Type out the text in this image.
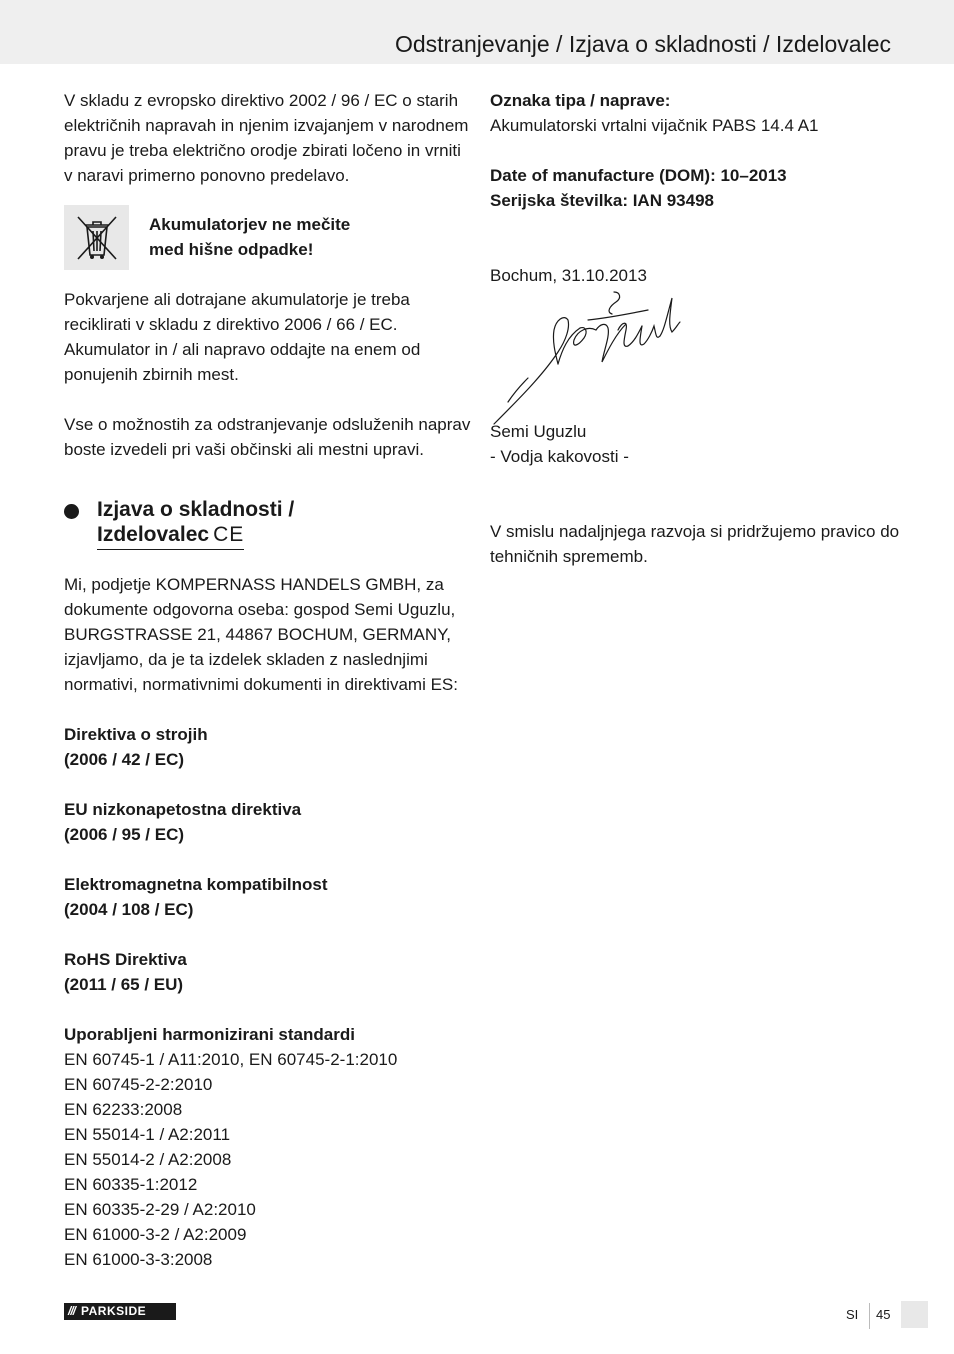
Odstranjevanje / Izjava o skladnosti / Izdelovalec

V skladu z evropsko direktivo 2002 / 96 / EC o starih električnih napravah in njenim izvajanjem v narodnem pravu je treba električno orodje zbirati ločeno in vrniti v naravi primerno ponovno predelavo.

Akumulatorjev ne mečite
med hišne odpadke!

Pokvarjene ali dotrajane akumulatorje je treba reciklirati v skladu z direktivo 2006 / 66 / EC. Akumulator in / ali napravo oddajte na enem od ponujenih zbirnih mest.

Vse o možnostih za odstranjevanje odsluženih naprav boste izvedeli pri vaši občinski ali mestni upravi.

Izjava o skladnosti /
Izdelovalec CE

Mi, podjetje KOMPERNASS HANDELS GMBH, za dokumente odgovorna oseba: gospod Semi Uguzlu, BURGSTRASSE 21, 44867 BOCHUM, GERMANY, izjavljamo, da je ta izdelek skladen z naslednjimi normativi, normativnimi dokumenti in direktivami ES:

Direktiva o strojih

(2006 / 42 / EC)

EU nizkonapetostna direktiva

(2006 / 95 / EC)

Elektromagnetna kompatibilnost

(2004 / 108 / EC)

RoHS Direktiva

(2011 / 65 / EU)

Uporabljeni harmonizirani standardi

EN 60745-1 / A11:2010, EN 60745-2-1:2010

EN 60745-2-2:2010

EN 62233:2008

EN 55014-1 / A2:2011

EN 55014-2 / A2:2008

EN 60335-1:2012

EN 60335-2-29 / A2:2010

EN 61000-3-2 / A2:2009

EN 61000-3-3:2008

Oznaka tipa / naprave:

Akumulatorski vrtalni vijačnik PABS 14.4 A1

Date of manufacture (DOM): 10–2013

Serijska številka: IAN 93498

Bochum, 31.10.2013

Semi Uguzlu

- Vodja kakovosti -

V smislu nadaljnjega razvoja si pridržujemo pravico do tehničnih sprememb.

/// PARKSIDE	SI 45
